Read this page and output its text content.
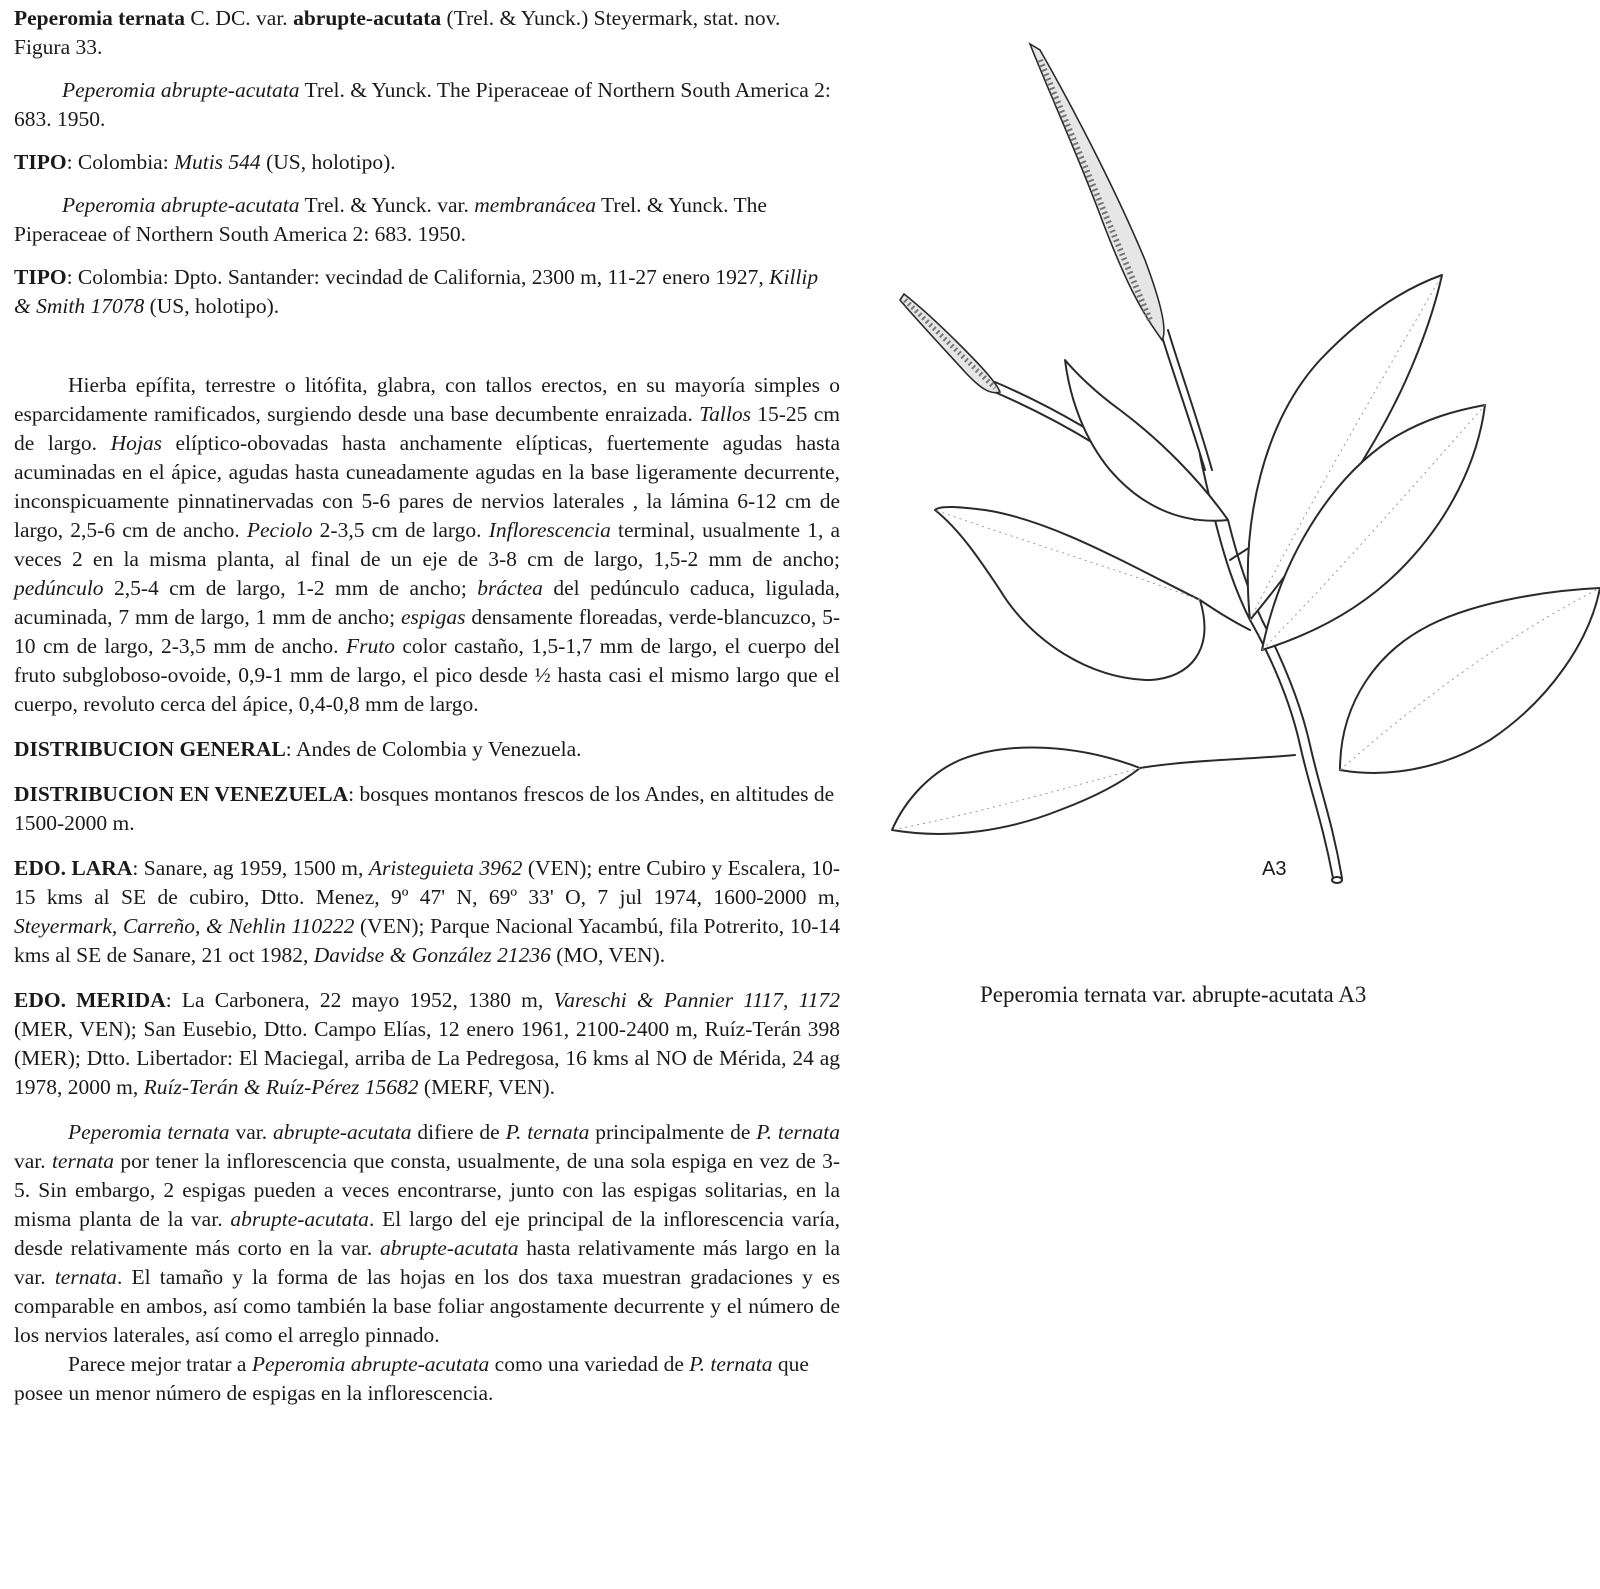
Peperomia ternata C. DC. var. abrupte-acutata (Trel. & Yunck.) Steyermark, stat. nov. Figura 33.

Peperomia abrupte-acutata Trel. & Yunck. The Piperaceae of Northern South America 2: 683. 1950.

TIPO: Colombia: Mutis 544 (US, holotipo).

Peperomia abrupte-acutata Trel. & Yunck. var. membranácea Trel. & Yunck. The Piperaceae of Northern South America 2: 683. 1950.

TIPO: Colombia: Dpto. Santander: vecindad de California, 2300 m, 11-27 enero 1927, Killip & Smith 17078 (US, holotipo).

Hierba epífita, terrestre o litófita, glabra, con tallos erectos, en su mayoría simples o esparcidamente ramificados, surgiendo desde una base decumbente enraizada. Tallos 15-25 cm de largo. Hojas elíptico-obovadas hasta anchamente elípticas, fuertemente agudas hasta acuminadas en el ápice, agudas hasta cuneadamente agudas en la base ligeramente decurrente, inconspicuamente pinnatinervadas con 5-6 pares de nervios laterales , la lámina 6-12 cm de largo, 2,5-6 cm de ancho. Peciolo 2-3,5 cm de largo. Inflorescencia terminal, usualmente 1, a veces 2 en la misma planta, al final de un eje de 3-8 cm de largo, 1,5-2 mm de ancho; pedúnculo 2,5-4 cm de largo, 1-2 mm de ancho; bráctea del pedúnculo caduca, ligulada, acuminada, 7 mm de largo, 1 mm de ancho; espigas densamente floreadas, verde-blancuzco, 5-10 cm de largo, 2-3,5 mm de ancho. Fruto color castaño, 1,5-1,7 mm de largo, el cuerpo del fruto subgloboso-ovoide, 0,9-1 mm de largo, el pico desde ½ hasta casi el mismo largo que el cuerpo, revoluto cerca del ápice, 0,4-0,8 mm de largo.

DISTRIBUCION GENERAL: Andes de Colombia y Venezuela.

DISTRIBUCION EN VENEZUELA: bosques montanos frescos de los Andes, en altitudes de 1500-2000 m.

EDO. LARA: Sanare, ag 1959, 1500 m, Aristeguieta 3962 (VEN); entre Cubiro y Escalera, 10-15 kms al SE de cubiro, Dtto. Menez, 9º 47' N, 69º 33' O, 7 jul 1974, 1600-2000 m, Steyermark, Carreño, & Nehlin 110222 (VEN); Parque Nacional Yacambú, fila Potrerito, 10-14 kms al SE de Sanare, 21 oct 1982, Davidse & González 21236 (MO, VEN).

EDO. MERIDA: La Carbonera, 22 mayo 1952, 1380 m, Vareschi & Pannier 1117, 1172 (MER, VEN); San Eusebio, Dtto. Campo Elías, 12 enero 1961, 2100-2400 m, Ruíz-Terán 398 (MER); Dtto. Libertador: El Maciegal, arriba de La Pedregosa, 16 kms al NO de Mérida, 24 ag 1978, 2000 m, Ruíz-Terán & Ruíz-Pérez 15682 (MERF, VEN).

Peperomia ternata var. abrupte-acutata difiere de P. ternata principalmente de P. ternata var. ternata por tener la inflorescencia que consta, usualmente, de una sola espiga en vez de 3-5. Sin embargo, 2 espigas pueden a veces encontrarse, junto con las espigas solitarias, en la misma planta de la var. abrupte-acutata. El largo del eje principal de la inflorescencia varía, desde relativamente más corto en la var. abrupte-acutata hasta relativamente más largo en la var. ternata. El tamaño y la forma de las hojas en los dos taxa muestran gradaciones y es comparable en ambos, así como también la base foliar angostamente decurrente y el número de los nervios laterales, así como el arreglo pinnado.

Parece mejor tratar a Peperomia abrupte-acutata como una variedad de P. ternata que posee un menor número de espigas en la inflorescencia.

A3
Peperomia ternata var. abrupte-acutata A3
